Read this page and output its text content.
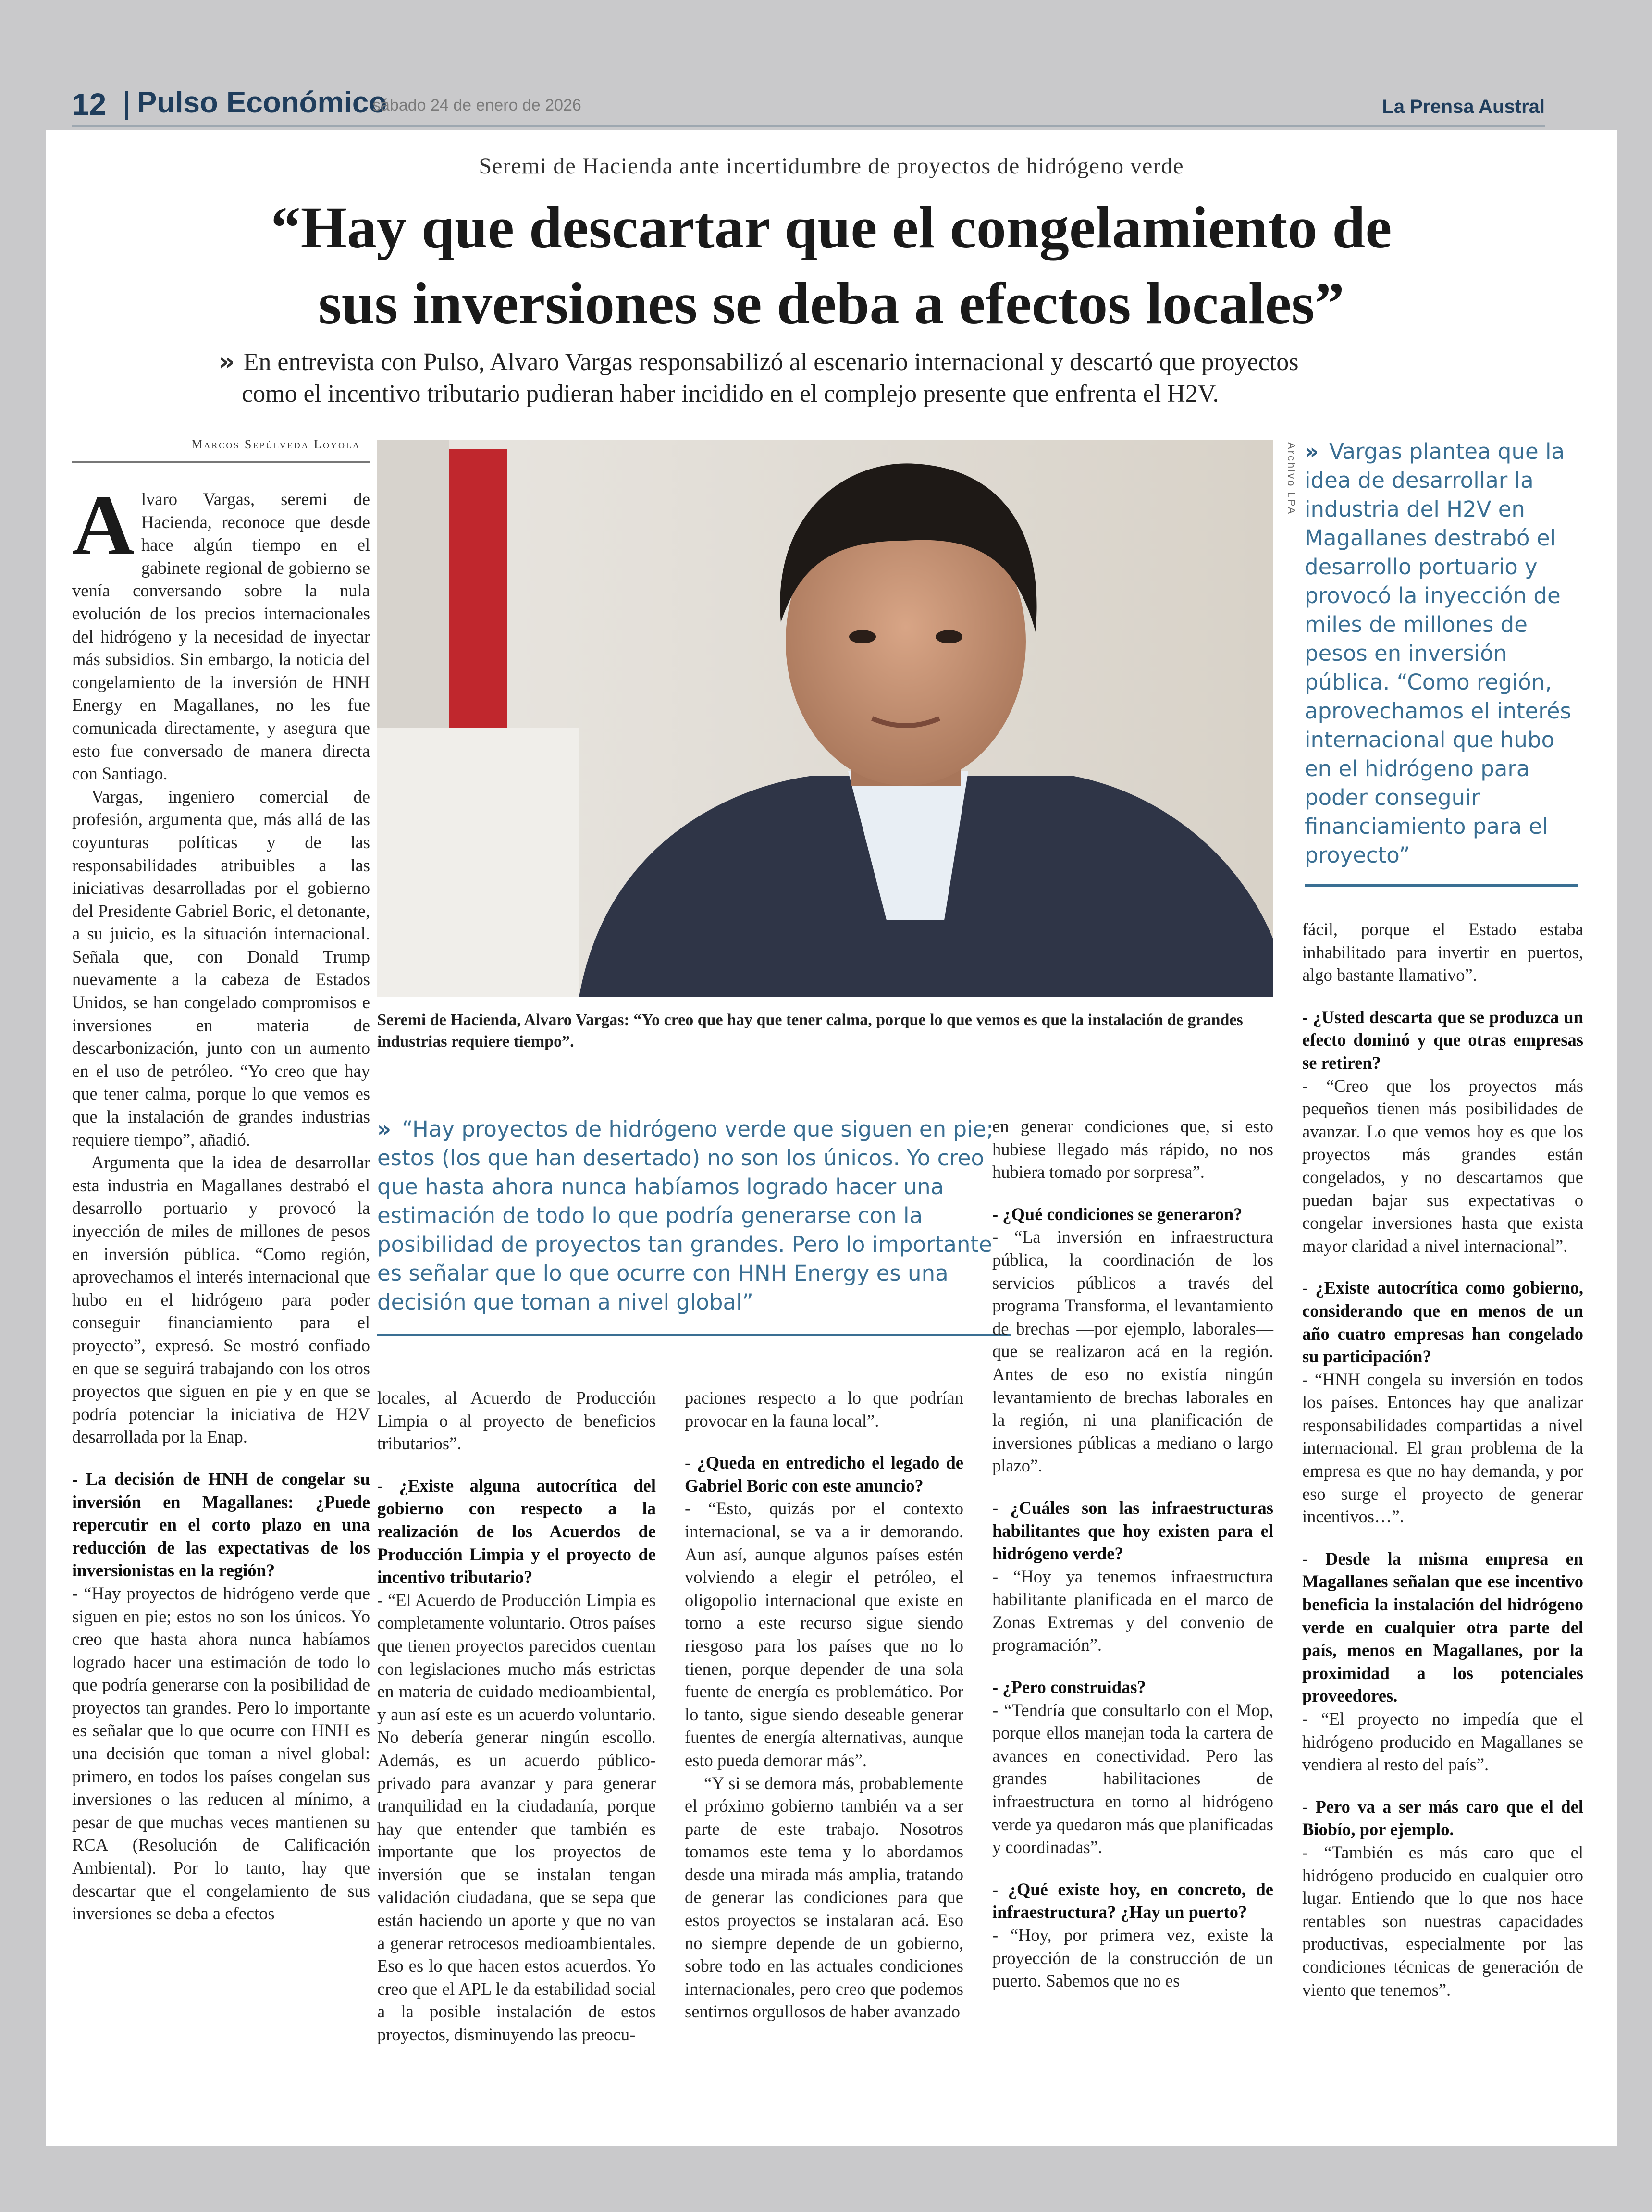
12 Pulso Económico
sábado 24 de enero de 2026	La Prensa Austral
Seremi de Hacienda ante incertidumbre de proyectos de hidrógeno verde
“Hay que descartar que el congelamiento de
sus inversiones se deba a efectos locales”
» En entrevista con Pulso, Alvaro Vargas responsabilizó al escenario internacional y descartó que proyectos
como el incentivo tributario pudieran haber incidido en el complejo presente que enfrenta el H2V.
Marcos Sepúlveda Loyola

Alvaro Vargas, seremi de Hacienda, reconoce que desde hace algún tiempo en el gabinete regional de gobierno se venía conversando sobre la nula evolución de los precios internacionales del hidrógeno y la necesidad de inyectar más subsidios. Sin embargo, la noticia del congelamiento de la inversión de HNH Energy en Magallanes, no les fue comunicada directamente, y asegura que esto fue conversado de manera directa con Santiago.

Vargas, ingeniero comercial de profesión, argumenta que, más allá de las coyunturas políticas y de las responsabilidades atribuibles a las iniciativas desarrolladas por el gobierno del Presidente Gabriel Boric, el detonante, a su juicio, es la situación internacional. Señala que, con Donald Trump nuevamente a la cabeza de Estados Unidos, se han congelado compromisos e inversiones en materia de descarbonización, junto con un aumento en el uso de petróleo. “Yo creo que hay que tener calma, porque lo que vemos es que la instalación de grandes industrias requiere tiempo”, añadió.

Argumenta que la idea de desarrollar esta industria en Magallanes destrabó el desarrollo portuario y provocó la inyección de miles de millones de pesos en inversión pública. “Como región, aprovechamos el interés internacional que hubo en el hidrógeno para poder conseguir financiamiento para el proyecto”, expresó. Se mostró confiado en que se seguirá trabajando con los otros proyectos que siguen en pie y en que se podría potenciar la iniciativa de H2V desarrollada por la Enap.

- La decisión de HNH de congelar su inversión en Magallanes: ¿Puede repercutir en el corto plazo en una reducción de las expectativas de los inversionistas en la región?

- “Hay proyectos de hidrógeno verde que siguen en pie; estos no son los únicos. Yo creo que hasta ahora nunca habíamos logrado hacer una estimación de todo lo que podría generarse con la posibilidad de proyectos tan grandes. Pero lo importante es señalar que lo que ocurre con HNH es una decisión que toman a nivel global: primero, en todos los países congelan sus inversiones o las reducen al mínimo, a pesar de que muchas veces mantienen su RCA (Resolución de Calificación Ambiental). Por lo tanto, hay que descartar que el congelamiento de sus inversiones se deba a efectos

Archivo LPA
Seremi de Hacienda, Alvaro Vargas: “Yo creo que hay que tener calma, porque lo que vemos es que la instalación de grandes industrias requiere tiempo”.
» Vargas plantea que la idea de desarrollar la industria del H2V en Magallanes destrabó el desarrollo portuario y provocó la inyección de miles de millones de pesos en inversión pública. “Como región, aprovechamos el interés internacional que hubo en el hidrógeno para poder conseguir financiamiento para el proyecto”
» “Hay proyectos de hidrógeno verde que siguen en pie; estos (los que han desertado) no son los únicos. Yo creo que hasta ahora nunca habíamos logrado hacer una estimación de todo lo que podría generarse con la posibilidad de proyectos tan grandes. Pero lo importante es señalar que lo que ocurre con HNH Energy es una decisión que toman a nivel global”

locales, al Acuerdo de Producción Limpia o al proyecto de beneficios tributarios”.

- ¿Existe alguna autocrítica del gobierno con respecto a la realización de los Acuerdos de Producción Limpia y el proyecto de incentivo tributario?

- “El Acuerdo de Producción Limpia es completamente voluntario. Otros países que tienen proyectos parecidos cuentan con legislaciones mucho más estrictas en materia de cuidado medioambiental, y aun así este es un acuerdo voluntario. No debería generar ningún escollo. Además, es un acuerdo público-privado para avanzar y para generar tranquilidad en la ciudadanía, porque hay que entender que también es importante que los proyectos de inversión que se instalan tengan validación ciudadana, que se sepa que están haciendo un aporte y que no van a generar retrocesos medioambientales. Eso es lo que hacen estos acuerdos. Yo creo que el APL le da estabilidad social a la posible instalación de estos proyectos, disminuyendo las preocu-

paciones respecto a lo que podrían provocar en la fauna local”.

- ¿Queda en entredicho el legado de Gabriel Boric con este anuncio?

- “Esto, quizás por el contexto internacional, se va a ir demorando. Aun así, aunque algunos países estén volviendo a elegir el petróleo, el oligopolio internacional que existe en torno a este recurso sigue siendo riesgoso para los países que no lo tienen, porque depender de una sola fuente de energía es problemático. Por lo tanto, sigue siendo deseable generar fuentes de energía alternativas, aunque esto pueda demorar más”.

“Y si se demora más, probablemente el próximo gobierno también va a ser parte de este trabajo. Nosotros tomamos este tema y lo abordamos desde una mirada más amplia, tratando de generar las condiciones para que estos proyectos se instalaran acá. Eso no siempre depende de un gobierno, sobre todo en las actuales condiciones internacionales, pero creo que podemos sentirnos orgullosos de haber avanzado

en generar condiciones que, si esto hubiese llegado más rápido, no nos hubiera tomado por sorpresa”.

- ¿Qué condiciones se generaron?

- “La inversión en infraestructura pública, la coordinación de los servicios públicos a través del programa Transforma, el levantamiento de brechas —por ejemplo, laborales— que se realizaron acá en la región. Antes de eso no existía ningún levantamiento de brechas laborales en la región, ni una planificación de inversiones públicas a mediano o largo plazo”.

- ¿Cuáles son las infraestructuras habilitantes que hoy existen para el hidrógeno verde?

- “Hoy ya tenemos infraestructura habilitante planificada en el marco de Zonas Extremas y del convenio de programación”.

- ¿Pero construidas?

- “Tendría que consultarlo con el Mop, porque ellos manejan toda la cartera de avances en conectividad. Pero las grandes habilitaciones de infraestructura en torno al hidrógeno verde ya quedaron más que planificadas y coordinadas”.

- ¿Qué existe hoy, en concreto, de infraestructura? ¿Hay un puerto?

- “Hoy, por primera vez, existe la proyección de la construcción de un puerto. Sabemos que no es

fácil, porque el Estado estaba inhabilitado para invertir en puertos, algo bastante llamativo”.

- ¿Usted descarta que se produzca un efecto dominó y que otras empresas se retiren?

- “Creo que los proyectos más pequeños tienen más posibilidades de avanzar. Lo que vemos hoy es que los proyectos más grandes están congelados, y no descartamos que puedan bajar sus expectativas o congelar inversiones hasta que exista mayor claridad a nivel internacional”.

- ¿Existe autocrítica como gobierno, considerando que en menos de un año cuatro empresas han congelado su participación?

- “HNH congela su inversión en todos los países. Entonces hay que analizar responsabilidades compartidas a nivel internacional. El gran problema de la empresa es que no hay demanda, y por eso surge el proyecto de generar incentivos…”.

- Desde la misma empresa en Magallanes señalan que ese incentivo beneficia la instalación del hidrógeno verde en cualquier otra parte del país, menos en Magallanes, por la proximidad a los potenciales proveedores.

- “El proyecto no impedía que el hidrógeno producido en Magallanes se vendiera al resto del país”.

- Pero va a ser más caro que el del Biobío, por ejemplo.

- “También es más caro que el hidrógeno producido en cualquier otro lugar. Entiendo que lo que nos hace rentables son nuestras capacidades productivas, especialmente por las condiciones técnicas de generación de viento que tenemos”.
